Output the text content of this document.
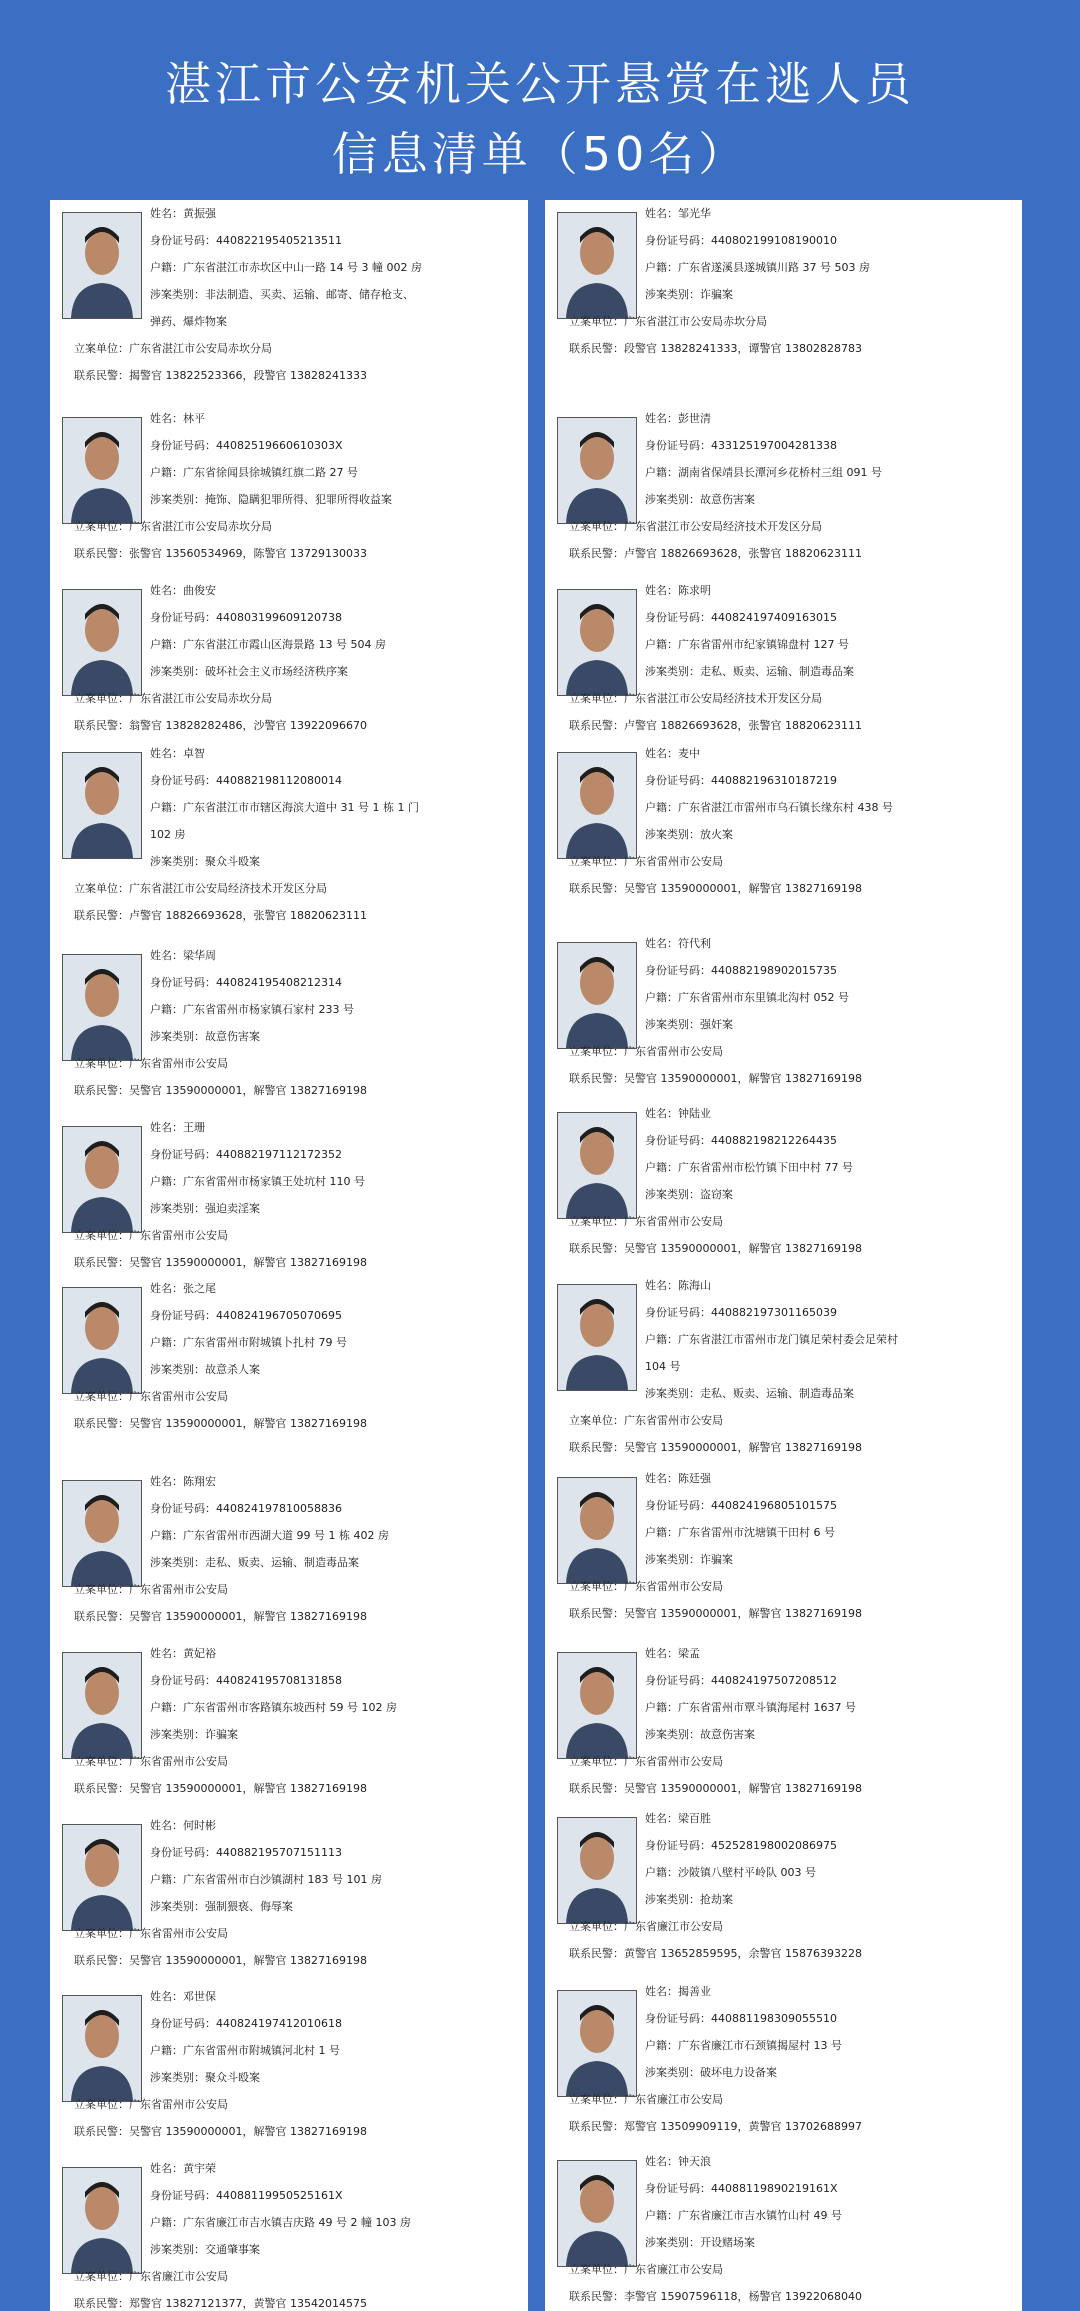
湛江市公安机关公开悬赏在逃人员
信息清单（50名）
姓名：黄振强
身份证号码：440822195405213511
户籍：广东省湛江市赤坎区中山一路 14 号 3 幢 002 房
涉案类别：非法制造、买卖、运输、邮寄、储存枪支、
弹药、爆炸物案
立案单位：广东省湛江市公安局赤坎分局
联系民警：揭警官 13822523366，段警官 13828241333
姓名：林平
身份证号码：44082519660610303X
户籍：广东省徐闻县徐城镇红旗二路 27 号
涉案类别：掩饰、隐瞒犯罪所得、犯罪所得收益案
立案单位：广东省湛江市公安局赤坎分局
联系民警：张警官 13560534969，陈警官 13729130033
姓名：曲俊安
身份证号码：440803199609120738
户籍：广东省湛江市霞山区海景路 13 号 504 房
涉案类别：破坏社会主义市场经济秩序案
立案单位：广东省湛江市公安局赤坎分局
联系民警：翁警官 13828282486，沙警官 13922096670
姓名：卓智
身份证号码：440882198112080014
户籍：广东省湛江市市辖区海滨大道中 31 号 1 栋 1 门
102 房
涉案类别：聚众斗殴案
立案单位：广东省湛江市公安局经济技术开发区分局
联系民警：卢警官 18826693628，张警官 18820623111
姓名：梁华周
身份证号码：440824195408212314
户籍：广东省雷州市杨家镇石家村 233 号
涉案类别：故意伤害案
立案单位：广东省雷州市公安局
联系民警：吴警官 13590000001，解警官 13827169198
姓名：王珊
身份证号码：440882197112172352
户籍：广东省雷州市杨家镇王处坑村 110 号
涉案类别：强迫卖淫案
立案单位：广东省雷州市公安局
联系民警：吴警官 13590000001，解警官 13827169198
姓名：张之尾
身份证号码：440824196705070695
户籍：广东省雷州市附城镇卜扎村 79 号
涉案类别：故意杀人案
立案单位：广东省雷州市公安局
联系民警：吴警官 13590000001，解警官 13827169198
姓名：陈翔宏
身份证号码：440824197810058836
户籍：广东省雷州市西湖大道 99 号 1 栋 402 房
涉案类别：走私、贩卖、运输、制造毒品案
立案单位：广东省雷州市公安局
联系民警：吴警官 13590000001，解警官 13827169198
姓名：黄妃裕
身份证号码：440824195708131858
户籍：广东省雷州市客路镇东坡西村 59 号 102 房
涉案类别：诈骗案
立案单位：广东省雷州市公安局
联系民警：吴警官 13590000001，解警官 13827169198
姓名：何时彬
身份证号码：440882195707151113
户籍：广东省雷州市白沙镇湖村 183 号 101 房
涉案类别：强制猥亵、侮辱案
立案单位：广东省雷州市公安局
联系民警：吴警官 13590000001，解警官 13827169198
姓名：邓世保
身份证号码：440824197412010618
户籍：广东省雷州市附城镇河北村 1 号
涉案类别：聚众斗殴案
立案单位：广东省雷州市公安局
联系民警：吴警官 13590000001，解警官 13827169198
姓名：黄宇荣
身份证号码：44088119950525161X
户籍：广东省廉江市吉水镇吉庆路 49 号 2 幢 103 房
涉案类别：交通肇事案
立案单位：广东省廉江市公安局
联系民警：郑警官 13827121377，黄警官 13542014575
姓名：邹光华
身份证号码：440802199108190010
户籍：广东省遂溪县遂城镇川路 37 号 503 房
涉案类别：诈骗案
立案单位：广东省湛江市公安局赤坎分局
联系民警：段警官 13828241333，谭警官 13802828783
姓名：彭世清
身份证号码：433125197004281338
户籍：湖南省保靖县长潭河乡花桥村三组 091 号
涉案类别：故意伤害案
立案单位：广东省湛江市公安局经济技术开发区分局
联系民警：卢警官 18826693628，张警官 18820623111
姓名：陈求明
身份证号码：440824197409163015
户籍：广东省雷州市纪家镇锦盘村 127 号
涉案类别：走私、贩卖、运输、制造毒品案
立案单位：广东省湛江市公安局经济技术开发区分局
联系民警：卢警官 18826693628，张警官 18820623111
姓名：麦中
身份证号码：440882196310187219
户籍：广东省湛江市雷州市乌石镇长缘东村 438 号
涉案类别：放火案
立案单位：广东省雷州市公安局
联系民警：吴警官 13590000001，解警官 13827169198
姓名：符代利
身份证号码：440882198902015735
户籍：广东省雷州市东里镇北沟村 052 号
涉案类别：强奸案
立案单位：广东省雷州市公安局
联系民警：吴警官 13590000001，解警官 13827169198
姓名：钟陆业
身份证号码：440882198212264435
户籍：广东省雷州市松竹镇下田中村 77 号
涉案类别：盗窃案
立案单位：广东省雷州市公安局
联系民警：吴警官 13590000001，解警官 13827169198
姓名：陈海山
身份证号码：440882197301165039
户籍：广东省湛江市雷州市龙门镇足荣村委会足荣村
104 号
涉案类别：走私、贩卖、运输、制造毒品案
立案单位：广东省雷州市公安局
联系民警：吴警官 13590000001，解警官 13827169198
姓名：陈廷强
身份证号码：440824196805101575
户籍：广东省雷州市沈塘镇干田村 6 号
涉案类别：诈骗案
立案单位：广东省雷州市公安局
联系民警：吴警官 13590000001，解警官 13827169198
姓名：梁孟
身份证号码：440824197507208512
户籍：广东省雷州市覃斗镇海尾村 1637 号
涉案类别：故意伤害案
立案单位：广东省雷州市公安局
联系民警：吴警官 13590000001，解警官 13827169198
姓名：梁百胜
身份证号码：452528198002086975
户籍：沙陂镇八壁村平岭队 003 号
涉案类别：抢劫案
立案单位：广东省廉江市公安局
联系民警：黄警官 13652859595，余警官 15876393228
姓名：揭善业
身份证号码：440881198309055510
户籍：广东省廉江市石颈镇揭屋村 13 号
涉案类别：破坏电力设备案
立案单位：广东省廉江市公安局
联系民警：郑警官 13509909119，黄警官 13702688997
姓名：钟天浪
身份证号码：44088119890219161X
户籍：广东省廉江市吉水镇竹山村 49 号
涉案类别：开设赌场案
立案单位：广东省廉江市公安局
联系民警：李警官 15907596118，杨警官 13922068040
